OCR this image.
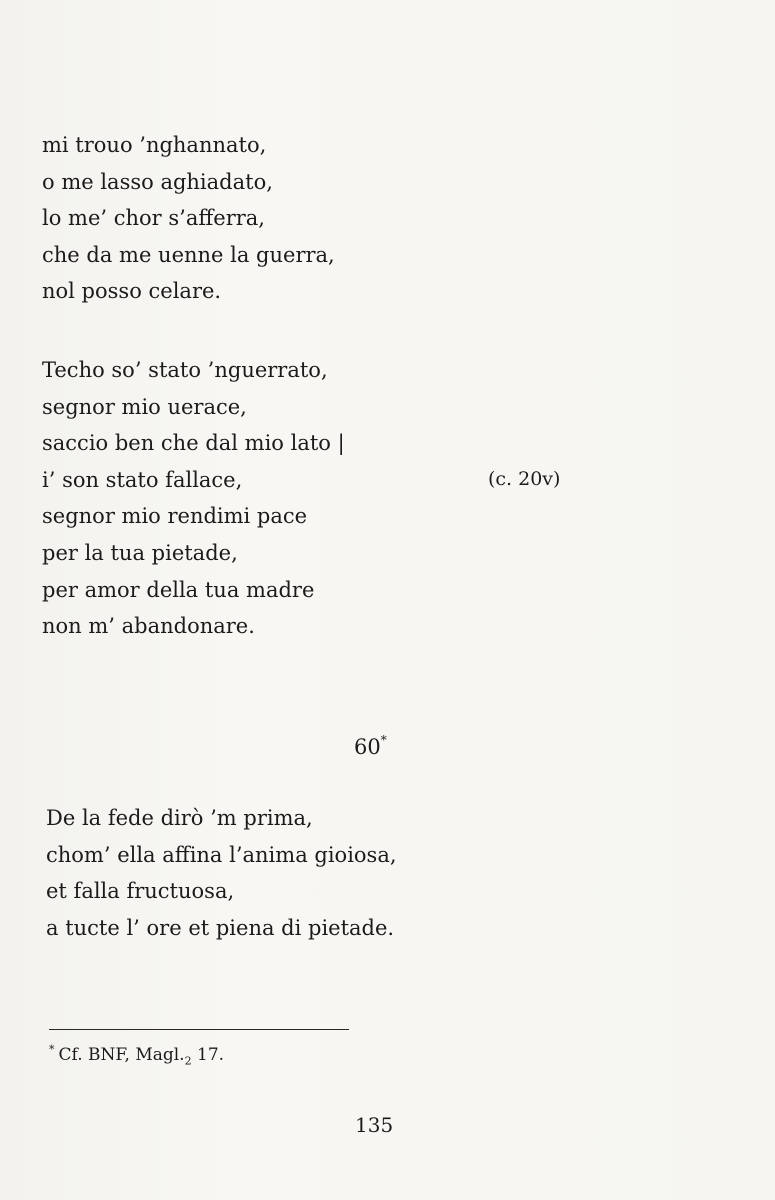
mi trouo ’nghannato,
o me lasso aghiadato,
lo me’ chor s’afferra,
che da me uenne la guerra,
nol posso celare.
Techo so’ stato ’nguerrato,
segnor mio uerace,
saccio ben che dal mio lato |
i’ son stato fallace,
segnor mio rendimi pace
per la tua pietade,
per amor della tua madre
non m’ abandonare.
(c. 20v)
60*
De la fede dirò ’m prima,
chom’ ella affina l’anima gioiosa,
et falla fructuosa,
a tucte l’ ore et piena di pietade.
* Cf. BNF, $Magl._2$ 17.
135
